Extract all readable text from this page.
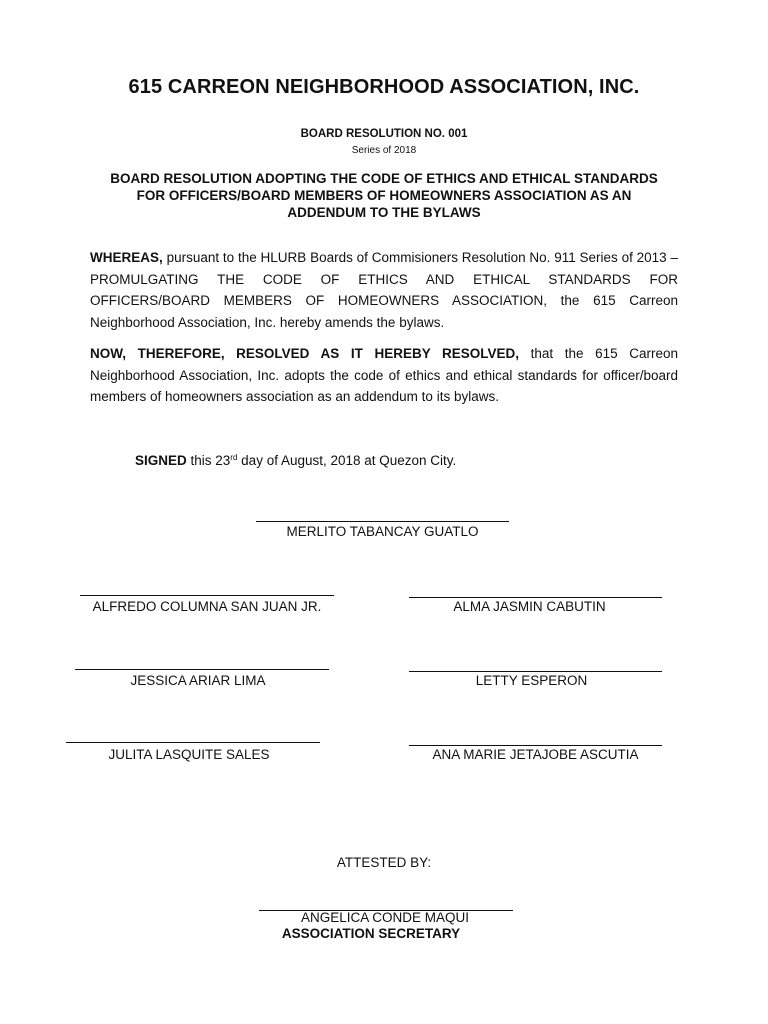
615 CARREON NEIGHBORHOOD ASSOCIATION, INC.
BOARD RESOLUTION NO. 001
Series of 2018
BOARD RESOLUTION ADOPTING THE CODE OF ETHICS AND ETHICAL STANDARDS
FOR OFFICERS/BOARD MEMBERS OF HOMEOWNERS ASSOCIATION AS AN
ADDENDUM TO THE BYLAWS

WHEREAS, pursuant to the HLURB Boards of Commisioners Resolution No. 911 Series of 2013 – PROMULGATING THE CODE OF ETHICS AND ETHICAL STANDARDS FOR OFFICERS/BOARD MEMBERS OF HOMEOWNERS ASSOCIATION, the 615 Carreon Neighborhood Association, Inc. hereby amends the bylaws.

NOW, THEREFORE, RESOLVED AS IT HEREBY RESOLVED, that the 615 Carreon Neighborhood Association, Inc. adopts the code of ethics and ethical standards for officer/board members of homeowners association as an addendum to its bylaws.

SIGNED this 23rd day of August, 2018 at Quezon City.
MERLITO TABANCAY GUATLO
ALFREDO COLUMNA SAN JUAN JR.	ALMA JASMIN CABUTIN
JESSICA ARIAR LIMA	LETTY ESPERON
JULITA LASQUITE SALES	ANA MARIE JETAJOBE ASCUTIA
ATTESTED BY:
ANGELICA CONDE MAQUI
ASSOCIATION SECRETARY
